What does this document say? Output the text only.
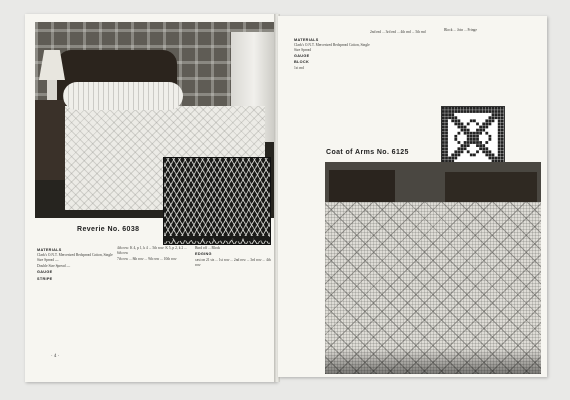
Reverie No. 6038
MATERIALS

Clark's O.N.T. Mercerized Bedspread Cotton, Single Size Spread —

Double Size Spread —

GAUGE
STRIPE

4th row: K 4, p 1, k 4 ... 5th row: K 5, p 2, k 2 ... 6th row

7th row ... 8th row ... 9th row ... 10th row

Bind off ... Block

EDGING

cast on 21 sts ... 1st row ... 2nd row ... 3rd row ... 4th row

· 4 ·
MATERIALS

Clark's O.N.T. Mercerized Bedspread Cotton, Single Size Spread

GAUGE
BLOCK

1st rnd

2nd rnd ... 3rd rnd ... 4th rnd ... 5th rnd	Block ... Join ... Fringe

Coat of Arms No. 6125
